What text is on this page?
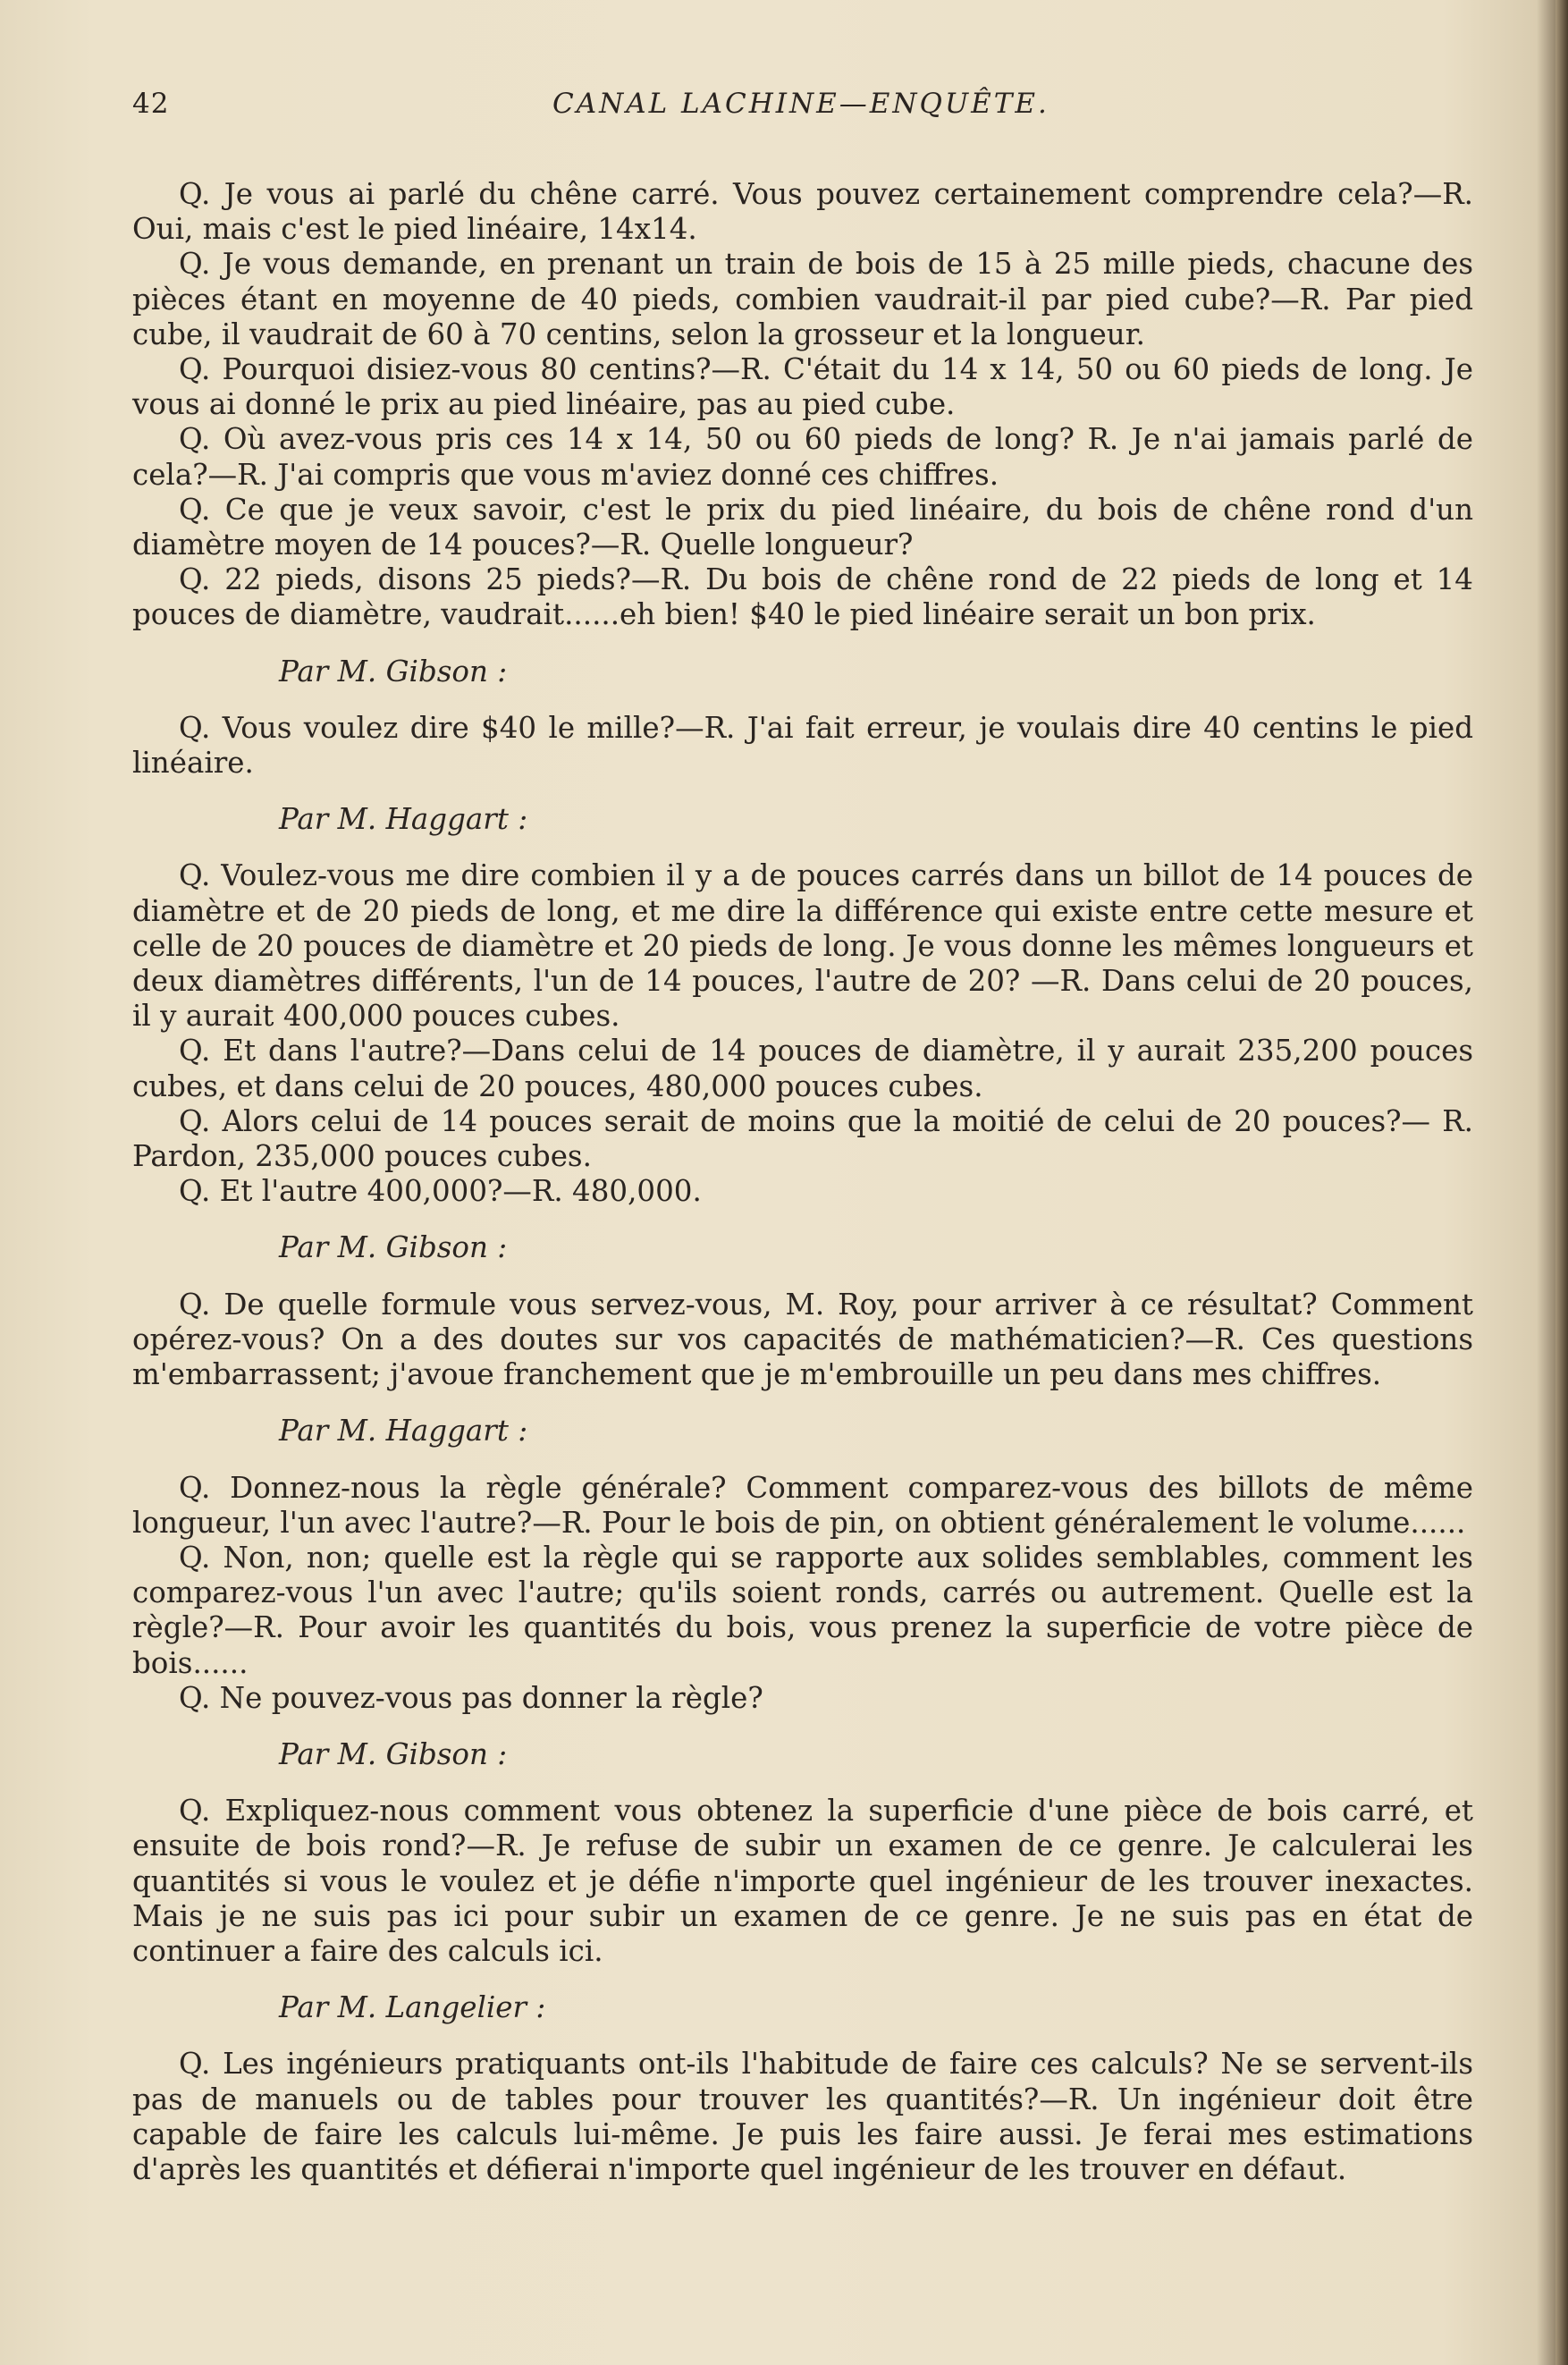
42	CANAL LACHINE—ENQUÊTE.

Q. Je vous ai parlé du chêne carré. Vous pouvez certainement comprendre cela?—R. Oui, mais c'est le pied linéaire, 14x14.

Q. Je vous demande, en prenant un train de bois de 15 à 25 mille pieds, chacune des pièces étant en moyenne de 40 pieds, combien vaudrait-il par pied cube?—R. Par pied cube, il vaudrait de 60 à 70 centins, selon la grosseur et la longueur.

Q. Pourquoi disiez-vous 80 centins?—R. C'était du 14 x 14, 50 ou 60 pieds de long. Je vous ai donné le prix au pied linéaire, pas au pied cube.

Q. Où avez-vous pris ces 14 x 14, 50 ou 60 pieds de long? R. Je n'ai jamais parlé de cela?—R. J'ai compris que vous m'aviez donné ces chiffres.

Q. Ce que je veux savoir, c'est le prix du pied linéaire, du bois de chêne rond d'un diamètre moyen de 14 pouces?—R. Quelle longueur?

Q. 22 pieds, disons 25 pieds?—R. Du bois de chêne rond de 22 pieds de long et 14 pouces de diamètre, vaudrait......eh bien! $40 le pied linéaire serait un bon prix.

Par M. Gibson :

Q. Vous voulez dire $40 le mille?—R. J'ai fait erreur, je voulais dire 40 centins le pied linéaire.

Par M. Haggart :

Q. Voulez-vous me dire combien il y a de pouces carrés dans un billot de 14 pouces de diamètre et de 20 pieds de long, et me dire la différence qui existe entre cette mesure et celle de 20 pouces de diamètre et 20 pieds de long. Je vous donne les mêmes longueurs et deux diamètres différents, l'un de 14 pouces, l'autre de 20? —R. Dans celui de 20 pouces, il y aurait 400,000 pouces cubes.

Q. Et dans l'autre?—Dans celui de 14 pouces de diamètre, il y aurait 235,200 pouces cubes, et dans celui de 20 pouces, 480,000 pouces cubes.

Q. Alors celui de 14 pouces serait de moins que la moitié de celui de 20 pouces?— R. Pardon, 235,000 pouces cubes.

Q. Et l'autre 400,000?—R. 480,000.

Par M. Gibson :

Q. De quelle formule vous servez-vous, M. Roy, pour arriver à ce résultat? Comment opérez-vous? On a des doutes sur vos capacités de mathématicien?—R. Ces questions m'embarrassent; j'avoue franchement que je m'embrouille un peu dans mes chiffres.

Par M. Haggart :

Q. Donnez-nous la règle générale? Comment comparez-vous des billots de même longueur, l'un avec l'autre?—R. Pour le bois de pin, on obtient généralement le volume......

Q. Non, non; quelle est la règle qui se rapporte aux solides semblables, comment les comparez-vous l'un avec l'autre; qu'ils soient ronds, carrés ou autrement. Quelle est la règle?—R. Pour avoir les quantités du bois, vous prenez la superficie de votre pièce de bois......

Q. Ne pouvez-vous pas donner la règle?

Par M. Gibson :

Q. Expliquez-nous comment vous obtenez la superficie d'une pièce de bois carré, et ensuite de bois rond?—R. Je refuse de subir un examen de ce genre. Je calculerai les quantités si vous le voulez et je défie n'importe quel ingénieur de les trouver inexactes. Mais je ne suis pas ici pour subir un examen de ce genre. Je ne suis pas en état de continuer a faire des calculs ici.

Par M. Langelier :

Q. Les ingénieurs pratiquants ont-ils l'habitude de faire ces calculs? Ne se servent-ils pas de manuels ou de tables pour trouver les quantités?—R. Un ingénieur doit être capable de faire les calculs lui-même. Je puis les faire aussi. Je ferai mes estimations d'après les quantités et défierai n'importe quel ingénieur de les trouver en défaut.
